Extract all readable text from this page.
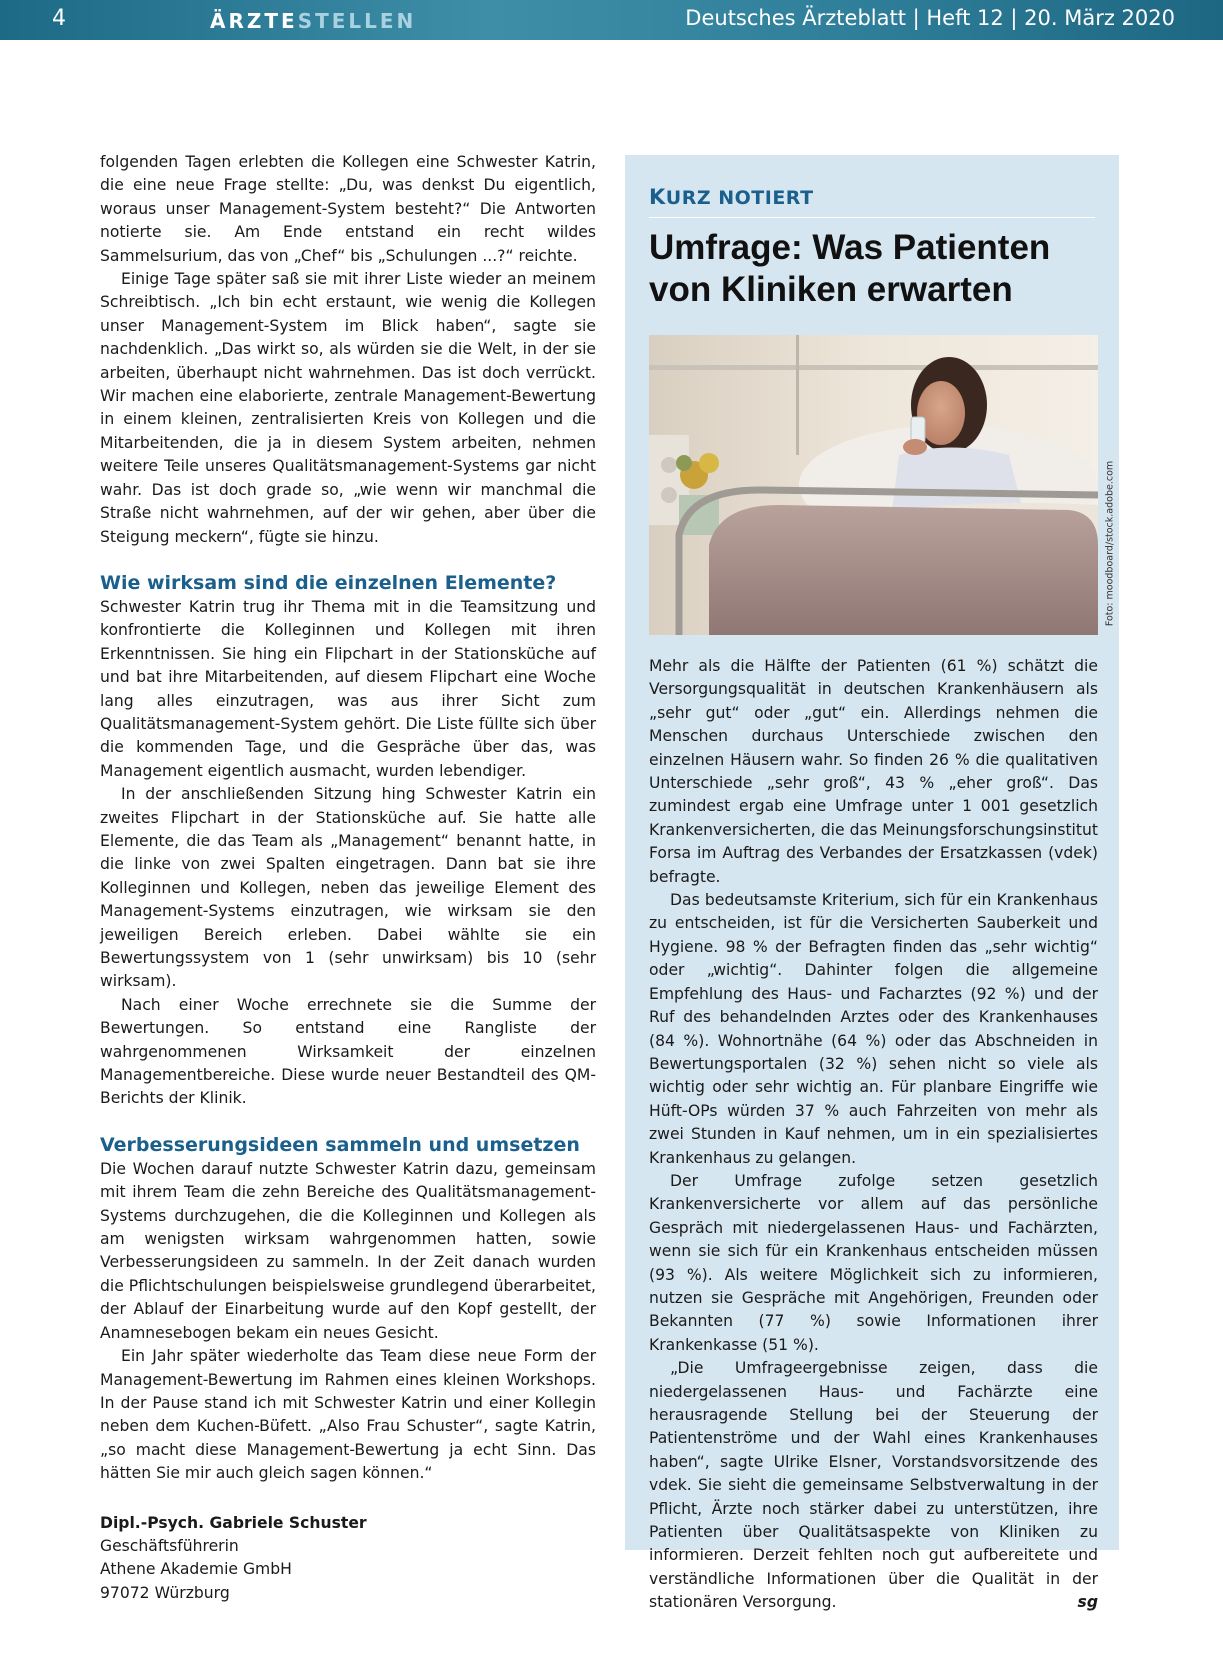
4	ÄRZTESTELLEN	Deutsches Ärzteblatt | Heft 12 | 20. März 2020

folgenden Tagen erlebten die Kollegen eine Schwester Katrin, die eine neue Frage stellte: „Du, was denkst Du eigentlich, woraus unser Management-System besteht?“ Die Antworten notierte sie. Am Ende entstand ein recht wildes Sammelsurium, das von „Chef“ bis „Schulungen ...?“ reichte.

Einige Tage später saß sie mit ihrer Liste wieder an meinem Schreibtisch. „Ich bin echt erstaunt, wie wenig die Kollegen unser Management-System im Blick haben“, sagte sie nachdenklich. „Das wirkt so, als würden sie die Welt, in der sie arbeiten, überhaupt nicht wahrnehmen. Das ist doch verrückt. Wir machen eine elaborierte, zentrale Management-Bewertung in einem kleinen, zentralisierten Kreis von Kollegen und die Mitarbeitenden, die ja in diesem System arbeiten, nehmen weitere Teile unseres Qualitätsmanagement-Systems gar nicht wahr. Das ist doch grade so, „wie wenn wir manchmal die Straße nicht wahrnehmen, auf der wir gehen, aber über die Steigung meckern“, fügte sie hinzu.

Wie wirksam sind die einzelnen Elemente?

Schwester Katrin trug ihr Thema mit in die Teamsitzung und konfrontierte die Kolleginnen und Kollegen mit ihren Erkenntnissen. Sie hing ein Flipchart in der Stationsküche auf und bat ihre Mitarbeitenden, auf diesem Flipchart eine Woche lang alles einzutragen, was aus ihrer Sicht zum Qualitätsmanagement-System gehört. Die Liste füllte sich über die kommenden Tage, und die Gespräche über das, was Management eigentlich ausmacht, wurden lebendiger.

In der anschließenden Sitzung hing Schwester Katrin ein zweites Flipchart in der Stationsküche auf. Sie hatte alle Elemente, die das Team als „Management“ benannt hatte, in die linke von zwei Spalten eingetragen. Dann bat sie ihre Kolleginnen und Kollegen, neben das jeweilige Element des Management-Systems einzutragen, wie wirksam sie den jeweiligen Bereich erleben. Dabei wählte sie ein Bewertungssystem von 1 (sehr unwirksam) bis 10 (sehr wirksam).

Nach einer Woche errechnete sie die Summe der Bewertungen. So entstand eine Rangliste der wahrgenommenen Wirksamkeit der einzelnen Managementbereiche. Diese wurde neuer Bestandteil des QM-Berichts der Klinik.

Verbesserungsideen sammeln und umsetzen

Die Wochen darauf nutzte Schwester Katrin dazu, gemeinsam mit ihrem Team die zehn Bereiche des Qualitätsmanagement-Systems durchzugehen, die die Kolleginnen und Kollegen als am wenigsten wirksam wahrgenommen hatten, sowie Verbesserungsideen zu sammeln. In der Zeit danach wurden die Pflichtschulungen beispielsweise grundlegend überarbeitet, der Ablauf der Einarbeitung wurde auf den Kopf gestellt, der Anamnesebogen bekam ein neues Gesicht.

Ein Jahr später wiederholte das Team diese neue Form der Management-Bewertung im Rahmen eines kleinen Workshops. In der Pause stand ich mit Schwester Katrin und einer Kollegin neben dem Kuchen-Büfett. „Also Frau Schuster“, sagte Katrin, „so macht diese Management-Bewertung ja echt Sinn. Das hätten Sie mir auch gleich sagen können.“

Dipl.-Psych. Gabriele Schuster
Geschäftsführerin
Athene Akademie GmbH
97072 Würzburg
KURZ NOTIERT
Umfrage: Was Patienten von Kliniken erwarten
Foto: moodboard/stock.adobe.com

Mehr als die Hälfte der Patienten (61 %) schätzt die Versorgungsqualität in deutschen Krankenhäusern als „sehr gut“ oder „gut“ ein. Allerdings nehmen die Menschen durchaus Unterschiede zwischen den einzelnen Häusern wahr. So finden 26 % die qualitativen Unterschiede „sehr groß“, 43 % „eher groß“. Das zumindest ergab eine Umfrage unter 1 001 gesetzlich Krankenversicherten, die das Meinungsforschungsinstitut Forsa im Auftrag des Verbandes der Ersatzkassen (vdek) befragte.

Das bedeutsamste Kriterium, sich für ein Krankenhaus zu entscheiden, ist für die Versicherten Sauberkeit und Hygiene. 98 % der Befragten finden das „sehr wichtig“ oder „wichtig“. Dahinter folgen die allgemeine Empfehlung des Haus- und Facharztes (92 %) und der Ruf des behandelnden Arztes oder des Krankenhauses (84 %). Wohnortnähe (64 %) oder das Abschneiden in Bewertungsportalen (32 %) sehen nicht so viele als wichtig oder sehr wichtig an. Für planbare Eingriffe wie Hüft-OPs würden 37 % auch Fahrzeiten von mehr als zwei Stunden in Kauf nehmen, um in ein spezialisiertes Krankenhaus zu gelangen.

Der Umfrage zufolge setzen gesetzlich Krankenversicherte vor allem auf das persönliche Gespräch mit niedergelassenen Haus- und Fachärzten, wenn sie sich für ein Krankenhaus entscheiden müssen (93 %). Als weitere Möglichkeit sich zu informieren, nutzen sie Gespräche mit Angehörigen, Freunden oder Bekannten (77 %) sowie Informationen ihrer Krankenkasse (51 %).

„Die Umfrageergebnisse zeigen, dass die niedergelassenen Haus- und Fachärzte eine herausragende Stellung bei der Steuerung der Patientenströme und der Wahl eines Krankenhauses haben“, sagte Ulrike Elsner, Vorstandsvorsitzende des vdek. Sie sieht die gemeinsame Selbstverwaltung in der Pflicht, Ärzte noch stärker dabei zu unterstützen, ihre Patienten über Qualitätsaspekte von Kliniken zu informieren. Derzeit fehlten noch gut aufbereitete und verständliche Informationen über die Qualität in der stationären Versorgung.	sg
